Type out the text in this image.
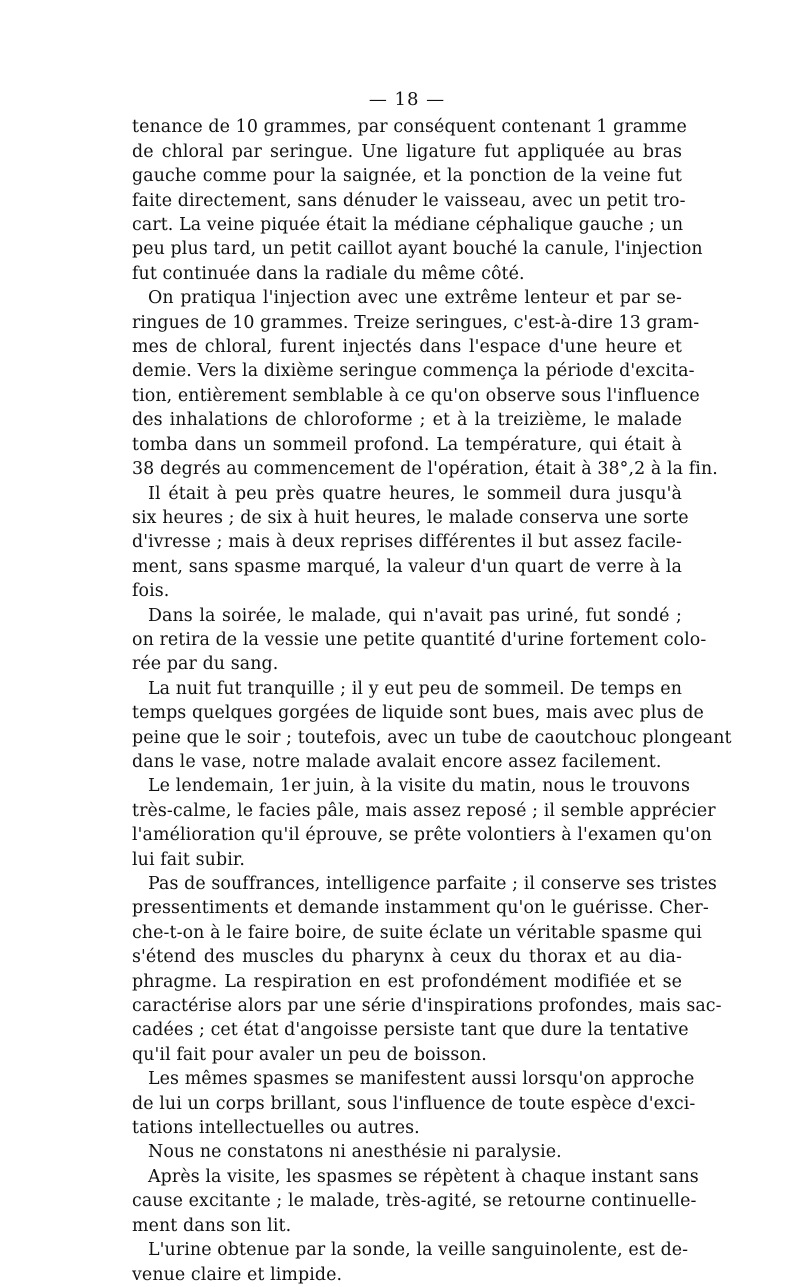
— 18 —
tenance de 10 grammes, par conséquent contenant 1 gramme
de chloral par seringue. Une ligature fut appliquée au bras
gauche comme pour la saignée, et la ponction de la veine fut
faite directement, sans dénuder le vaisseau, avec un petit tro-
cart. La veine piquée était la médiane céphalique gauche ; un
peu plus tard, un petit caillot ayant bouché la canule, l'injection
fut continuée dans la radiale du même côté.
On pratiqua l'injection avec une extrême lenteur et par se-
ringues de 10 grammes. Treize seringues, c'est-à-dire 13 gram-
mes de chloral, furent injectés dans l'espace d'une heure et
demie. Vers la dixième seringue commença la période d'excita-
tion, entièrement semblable à ce qu'on observe sous l'influence
des inhalations de chloroforme ; et à la treizième, le malade
tomba dans un sommeil profond. La température, qui était à
38 degrés au commencement de l'opération, était à 38°,2 à la fin.
Il était à peu près quatre heures, le sommeil dura jusqu'à
six heures ; de six à huit heures, le malade conserva une sorte
d'ivresse ; mais à deux reprises différentes il but assez facile-
ment, sans spasme marqué, la valeur d'un quart de verre à la
fois.
Dans la soirée, le malade, qui n'avait pas uriné, fut sondé ;
on retira de la vessie une petite quantité d'urine fortement colo-
rée par du sang.
La nuit fut tranquille ; il y eut peu de sommeil. De temps en
temps quelques gorgées de liquide sont bues, mais avec plus de
peine que le soir ; toutefois, avec un tube de caoutchouc plongeant
dans le vase, notre malade avalait encore assez facilement.
Le lendemain, 1er juin, à la visite du matin, nous le trouvons
très-calme, le facies pâle, mais assez reposé ; il semble apprécier
l'amélioration qu'il éprouve, se prête volontiers à l'examen qu'on
lui fait subir.
Pas de souffrances, intelligence parfaite ; il conserve ses tristes
pressentiments et demande instamment qu'on le guérisse. Cher-
che-t-on à le faire boire, de suite éclate un véritable spasme qui
s'étend des muscles du pharynx à ceux du thorax et au dia-
phragme. La respiration en est profondément modifiée et se
caractérise alors par une série d'inspirations profondes, mais sac-
cadées ; cet état d'angoisse persiste tant que dure la tentative
qu'il fait pour avaler un peu de boisson.
Les mêmes spasmes se manifestent aussi lorsqu'on approche
de lui un corps brillant, sous l'influence de toute espèce d'exci-
tations intellectuelles ou autres.
Nous ne constatons ni anesthésie ni paralysie.
Après la visite, les spasmes se répètent à chaque instant sans
cause excitante ; le malade, très-agité, se retourne continuelle-
ment dans son lit.
L'urine obtenue par la sonde, la veille sanguinolente, est de-
venue claire et limpide.
